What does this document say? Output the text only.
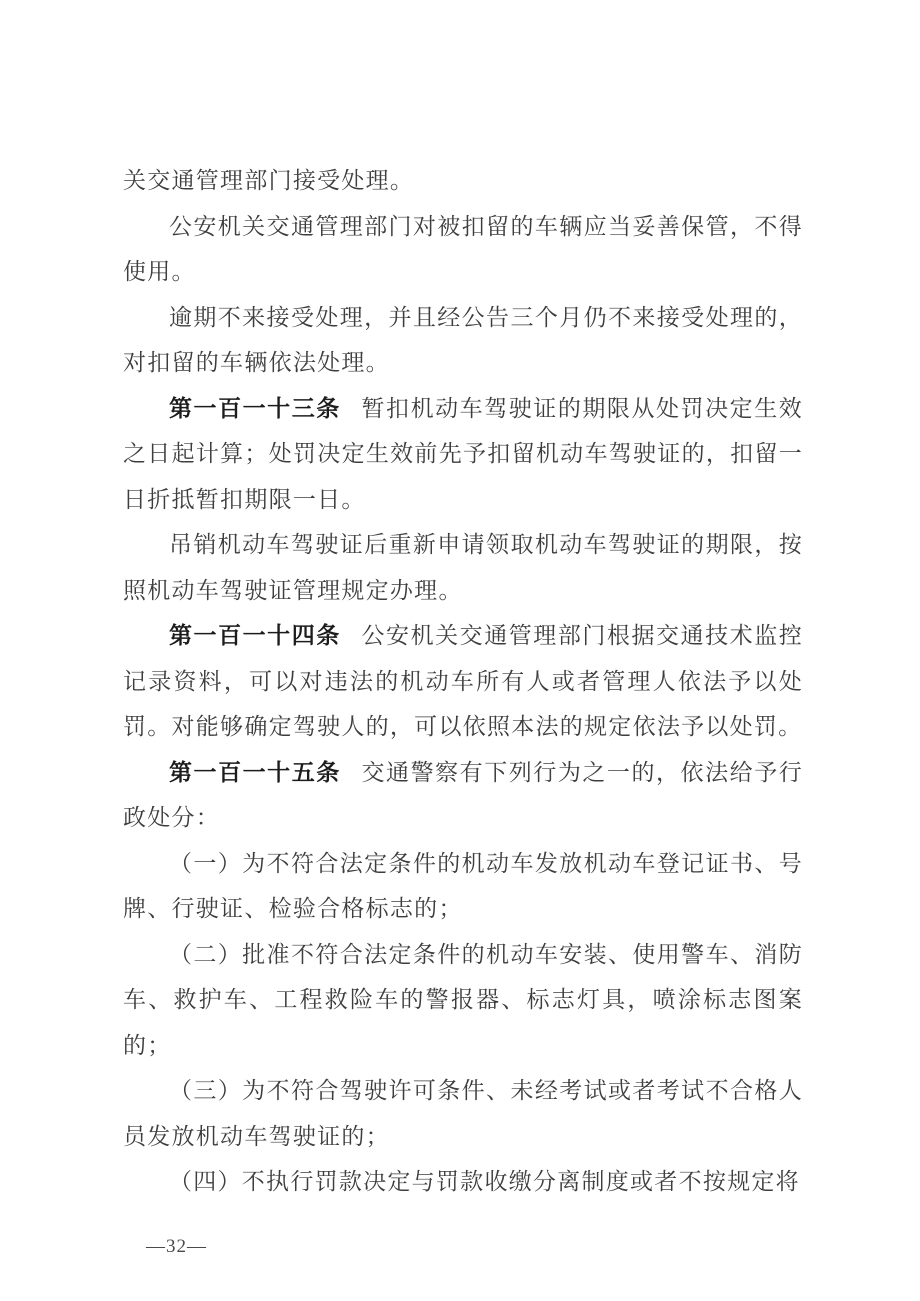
关交通管理部门接受处理。

公安机关交通管理部门对被扣留的车辆应当妥善保管，不得使用。

逾期不来接受处理，并且经公告三个月仍不来接受处理的，对扣留的车辆依法处理。

第一百一十三条 暂扣机动车驾驶证的期限从处罚决定生效之日起计算；处罚决定生效前先予扣留机动车驾驶证的，扣留一日折抵暂扣期限一日。

吊销机动车驾驶证后重新申请领取机动车驾驶证的期限，按照机动车驾驶证管理规定办理。

第一百一十四条 公安机关交通管理部门根据交通技术监控记录资料，可以对违法的机动车所有人或者管理人依法予以处罚。对能够确定驾驶人的，可以依照本法的规定依法予以处罚。

第一百一十五条 交通警察有下列行为之一的，依法给予行政处分：

（一）为不符合法定条件的机动车发放机动车登记证书、号牌、行驶证、检验合格标志的；

（二）批准不符合法定条件的机动车安装、使用警车、消防车、救护车、工程救险车的警报器、标志灯具，喷涂标志图案的；

（三）为不符合驾驶许可条件、未经考试或者考试不合格人员发放机动车驾驶证的；

（四）不执行罚款决定与罚款收缴分离制度或者不按规定将

—32—
